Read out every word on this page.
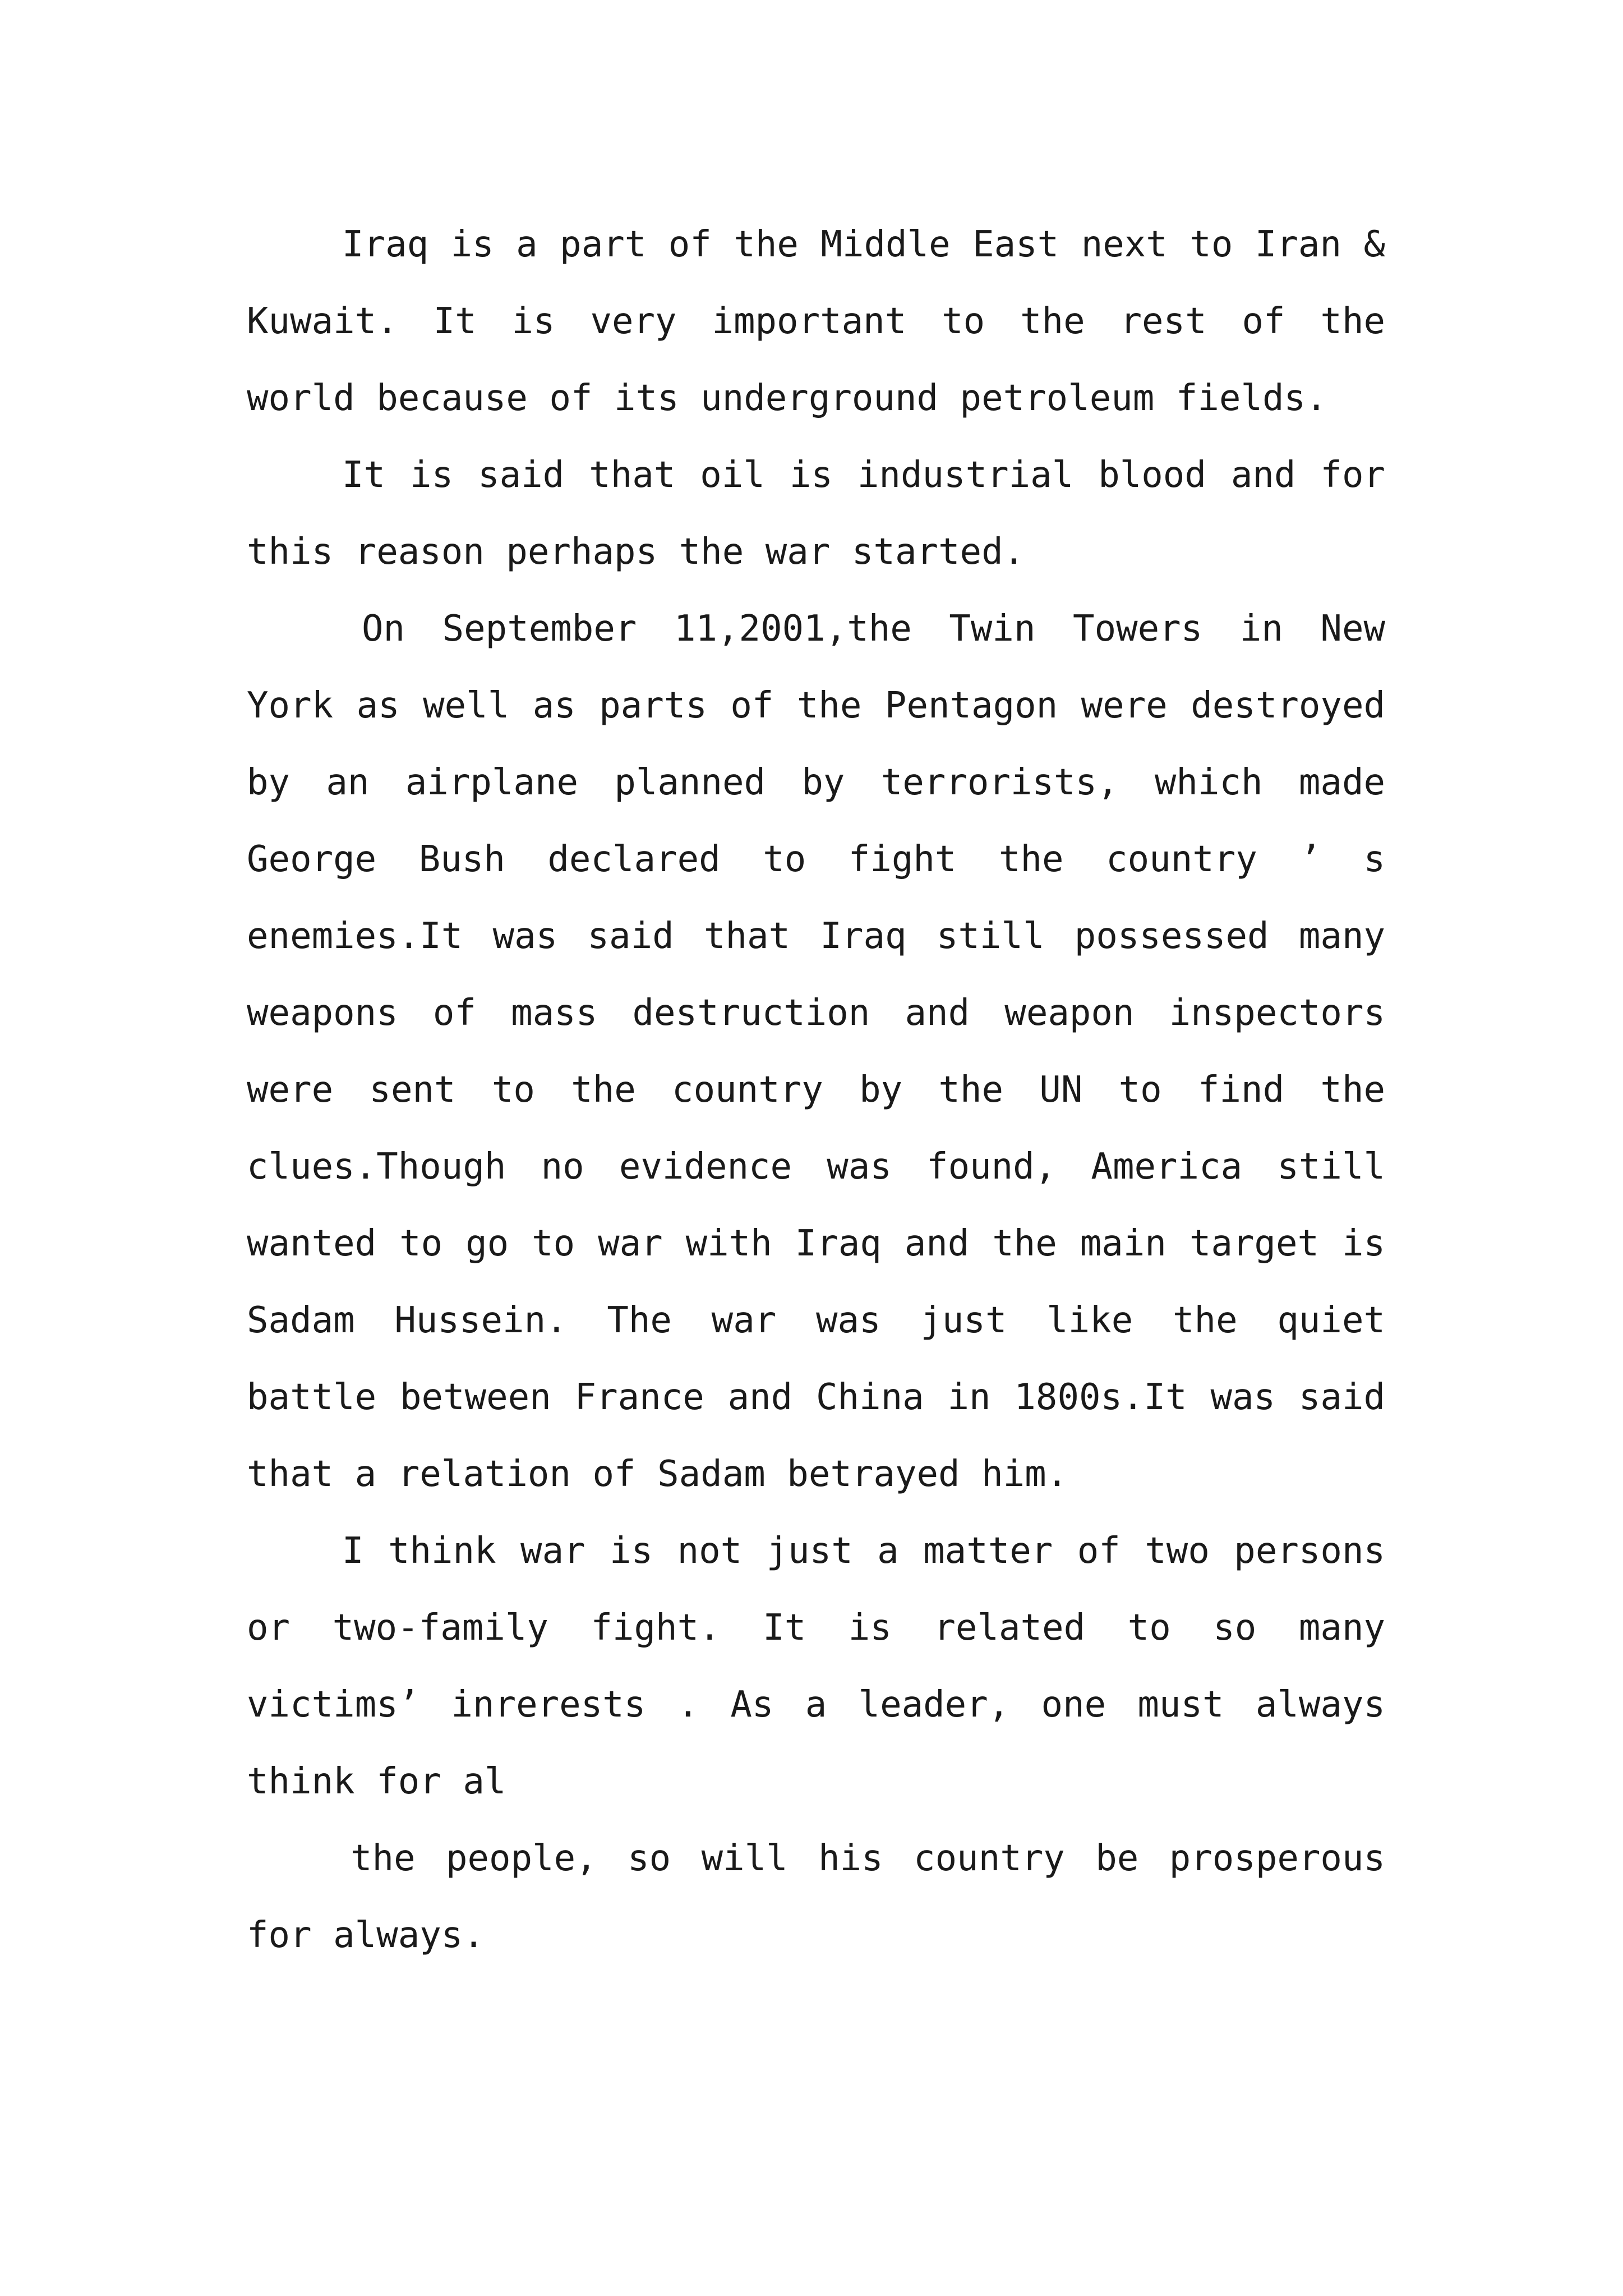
Iraq is a part of the Middle East next to Iran & Kuwait. It is very important to the rest of the world because of its underground petroleum fields.

It is said that oil is industrial blood and for this reason perhaps the war started.

On September 11,2001,the Twin Towers in New York as well as parts of the Pentagon were destroyed by an airplane planned by terrorists, which made George Bush declared to fight the country ’ s enemies.It was said that Iraq still possessed many weapons of mass destruction and weapon inspectors were sent to the country by the UN to find the clues.Though no evidence was found, America still wanted to go to war with Iraq and the main target is Sadam Hussein. The war was just like the quiet battle between France and China in 1800s.It was said that a relation of Sadam betrayed him.

I think war is not just a matter of two persons or two-family fight. It is related to so many victims’ inrerests . As a leader, one must always think for al

the people, so will his country be prosperous for always.
